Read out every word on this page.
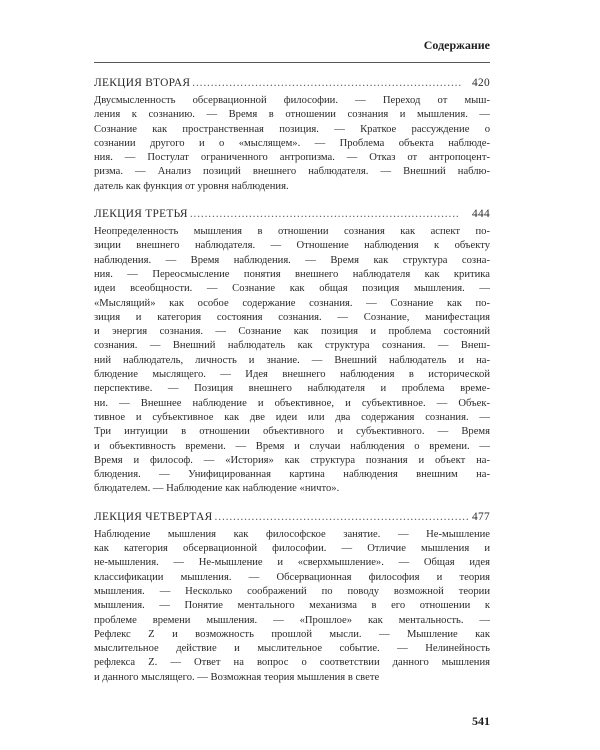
Содержание
ЛЕКЦИЯ ВТОРАЯ . . .	420
Двусмысленность обсервационной философии. — Переход от мыш-
ления к сознанию. — Время в отношении сознания и мышления. —
Сознание как пространственная позиция. — Краткое рассуждение о
сознании другого и о «мыслящем». — Проблема объекта наблюде-
ния. — Постулат ограниченного антропизма. — Отказ от антропоцент-
ризма. — Анализ позиций внешнего наблюдателя. — Внешний наблю-
датель как функция от уровня наблюдения.
ЛЕКЦИЯ ТРЕТЬЯ . . .	444
Неопределенность мышления в отношении сознания как аспект по-
зиции внешнего наблюдателя. — Отношение наблюдения к объекту
наблюдения. — Время наблюдения. — Время как структура созна-
ния. — Переосмысление понятия внешнего наблюдателя как критика
идеи всеобщности. — Сознание как общая позиция мышления. —
«Мыслящий» как особое содержание сознания. — Сознание как по-
зиция и категория состояния сознания. — Сознание, манифестация
и энергия сознания. — Сознание как позиция и проблема состояний
сознания. — Внешний наблюдатель как структура сознания. — Внеш-
ний наблюдатель, личность и знание. — Внешний наблюдатель и на-
блюдение мыслящего. — Идея внешнего наблюдения в исторической
перспективе. — Позиция внешнего наблюдателя и проблема време-
ни. — Внешнее наблюдение и объективное, и субъективное. — Объек-
тивное и субъективное как две идеи или два содержания сознания. —
Три интуиции в отношении объективного и субъективного. — Время
и объективность времени. — Время и случаи наблюдения о времени. —
Время и философ. — «История» как структура познания и объект на-
блюдения. — Унифицированная картина наблюдения внешним на-
блюдателем. — Наблюдение как наблюдение «ничто».
ЛЕКЦИЯ ЧЕТВЕРТАЯ . . .	477
Наблюдение мышления как философское занятие. — Не-мышление
как категория обсервационной философии. — Отличие мышления и
не-мышления. — Не-мышление и «сверхмышление». — Общая идея
классификации мышления. — Обсервационная философия и теория
мышления. — Несколько соображений по поводу возможной теории
мышления. — Понятие ментального механизма в его отношении к
проблеме времени мышления. — «Прошлое» как ментальность. —
Рефлекс Z и возможность прошлой мысли. — Мышление как
мыслительное действие и мыслительное событие. — Нелинейность
рефлекса Z. — Ответ на вопрос о соответствии данного мышления
и данного мыслящего. — Возможная теория мышления в свете
541
